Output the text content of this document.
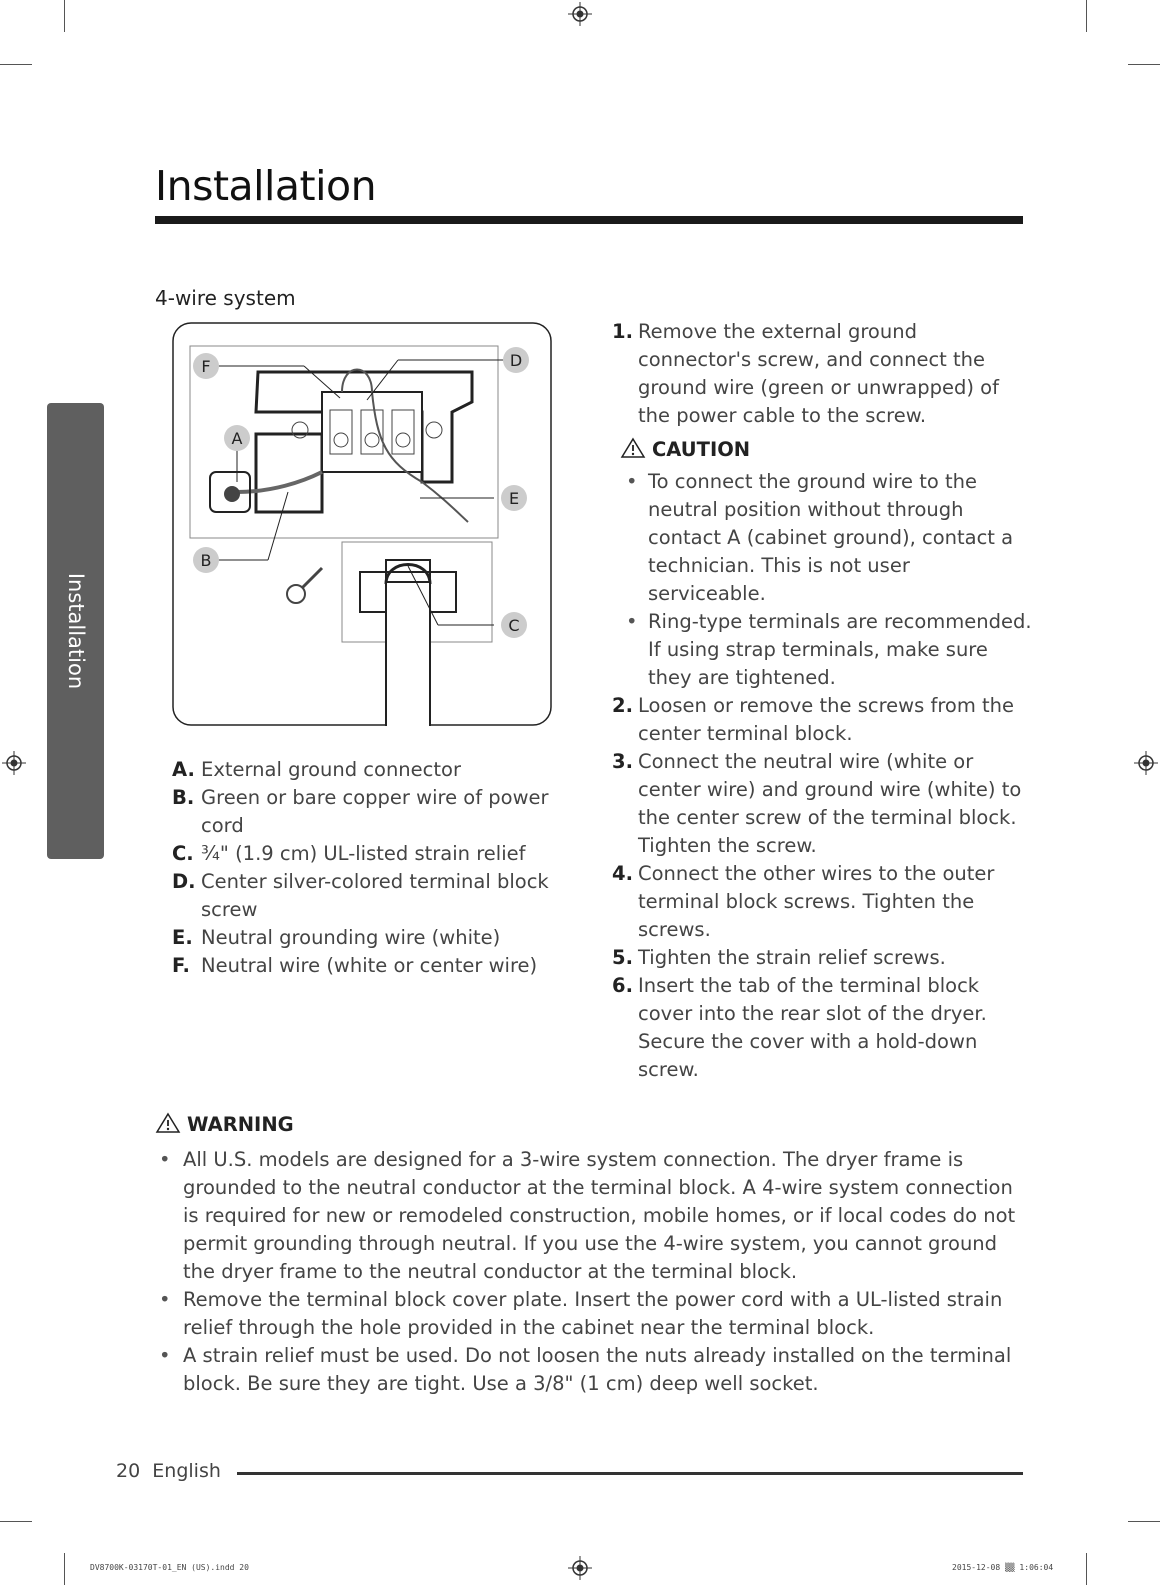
Installation
Installation
4-wire system
F	D
A
E
B
C
A. External ground connector
B. Green or bare copper wire of power cord
C. ¾" (1.9 cm) UL-listed strain relief
D. Center silver-colored terminal block screw
E. Neutral grounding wire (white)
F. Neutral wire (white or center wire)
1. Remove the external ground connector's screw, and connect the ground wire (green or unwrapped) of the power cable to the screw.
CAUTION
• To connect the ground wire to the neutral position without through contact A (cabinet ground), contact a technician. This is not user serviceable.
• Ring-type terminals are recommended. If using strap terminals, make sure they are tightened.
2. Loosen or remove the screws from the center terminal block.
3. Connect the neutral wire (white or center wire) and ground wire (white) to the center screw of the terminal block. Tighten the screw.
4. Connect the other wires to the outer terminal block screws. Tighten the screws.
5. Tighten the strain relief screws.
6. Insert the tab of the terminal block cover into the rear slot of the dryer. Secure the cover with a hold-down screw.
WARNING
• All U.S. models are designed for a 3-wire system connection. The dryer frame is grounded to the neutral conductor at the terminal block. A 4-wire system connection is required for new or remodeled construction, mobile homes, or if local codes do not permit grounding through neutral. If you use the 4-wire system, you cannot ground the dryer frame to the neutral conductor at the terminal block.
• Remove the terminal block cover plate. Insert the power cord with a UL-listed strain relief through the hole provided in the cabinet near the terminal block.
• A strain relief must be used. Do not loosen the nuts already installed on the terminal block. Be sure they are tight. Use a 3/8" (1 cm) deep well socket.
20 English
DV8700K-03170T-01_EN (US).indd 20	2015-12-08 ▒▒ 1:06:04
